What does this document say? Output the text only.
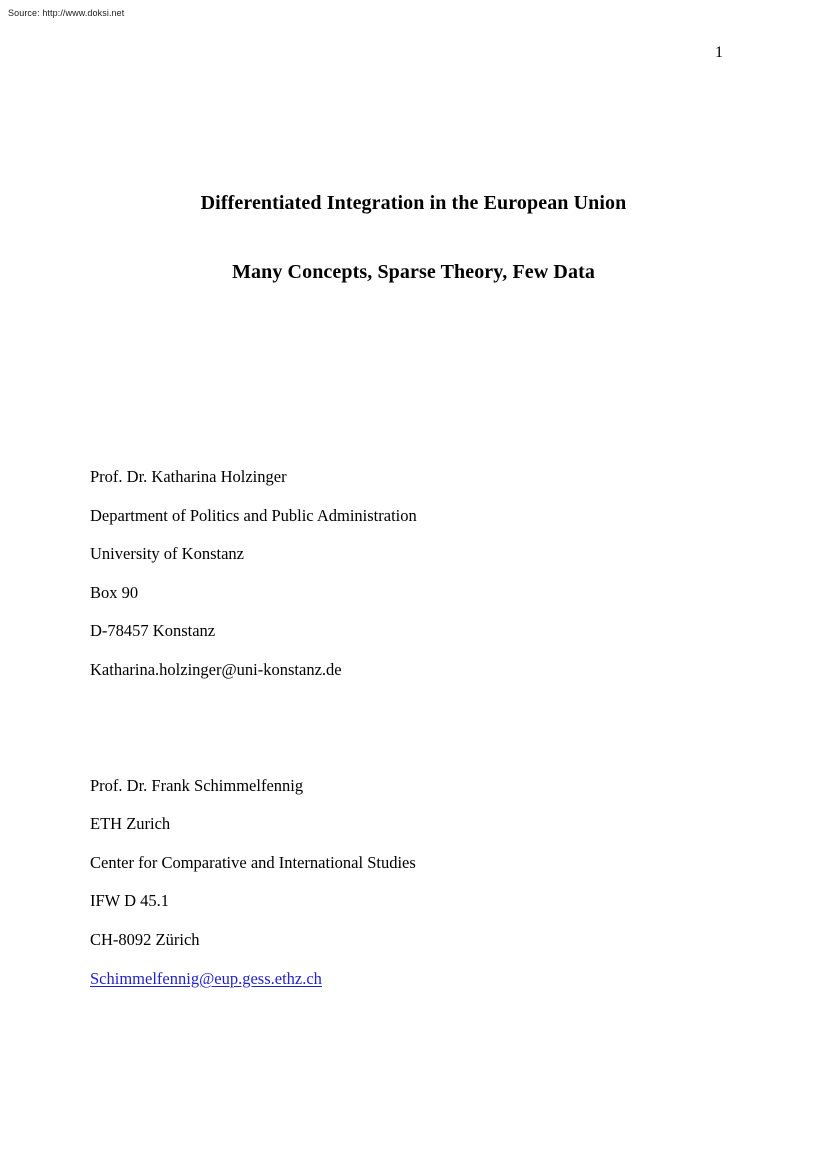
Source: http://www.doksi.net
1
Differentiated Integration in the European Union
Many Concepts, Sparse Theory, Few Data
Prof. Dr. Katharina Holzinger
Department of Politics and Public Administration
University of Konstanz
Box 90
D-78457 Konstanz
Katharina.holzinger@uni-konstanz.de
Prof. Dr. Frank Schimmelfennig
ETH Zurich
Center for Comparative and International Studies
IFW D 45.1
CH-8092 Zürich
Schimmelfennig@eup.gess.ethz.ch
